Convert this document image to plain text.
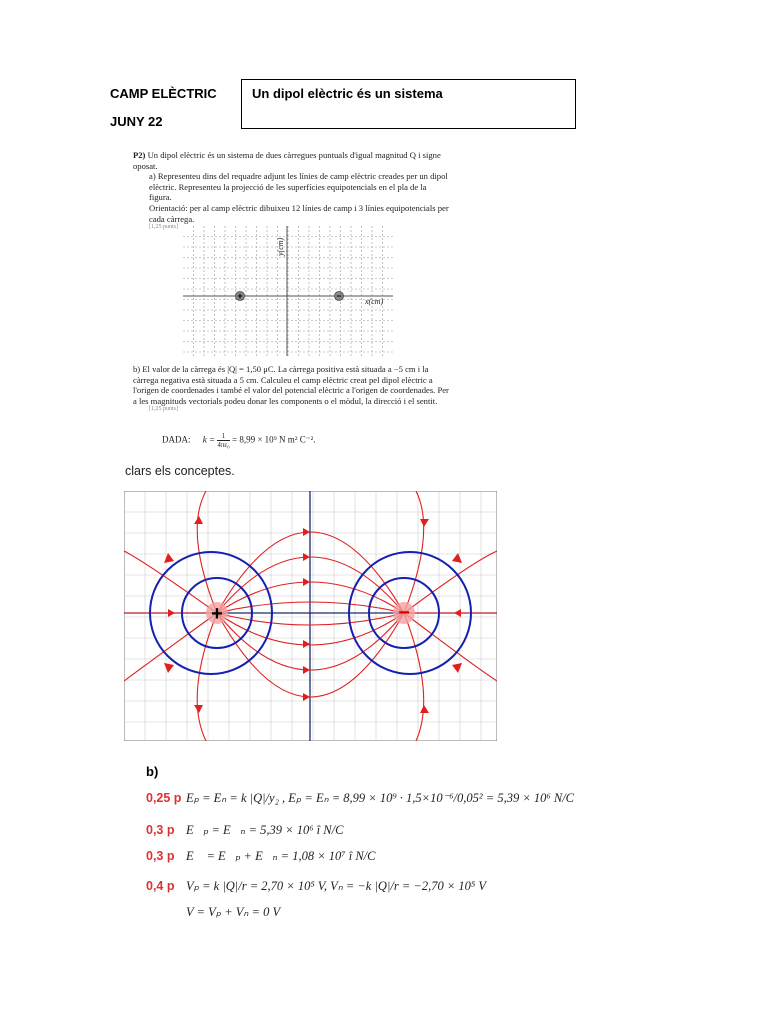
CAMP ELÈCTRIC
JUNY 22
Un dipol elèctric és un sistema

P2) Un dipol elèctric és un sistema de dues càrregues puntuals d'igual magnitud Q i signe oposat.

a) Representeu dins del requadre adjunt les línies de camp elèctric creades per un dipol elèctric. Representeu la projecció de les superfícies equipotencials en el pla de la figura.

Orientació: per al camp elèctric dibuixeu 12 línies de camp i 3 línies equipotencials per cada càrrega.

[1,25 punts]

y(cm)
x(cm)
+	−

b) El valor de la càrrega és |Q| = 1,50 μC. La càrrega positiva està situada a −5 cm i la càrrega negativa està situada a 5 cm. Calculeu el camp elèctric creat pel dipol elèctric a l'origen de coordenades i també el valor del potencial elèctric a l'origen de coordenades. Per a les magnituds vectorials podeu donar les components o el mòdul, la direcció i el sentit.

[1,25 punts]

DADA: $k = \frac{1}{\text{4πε₀}} = 8,99 \times 10^9$ N m² C⁻².
clars els conceptes.
+	−
b)
0,25 p Eₚ = Eₙ = k |Q|/y₂ , Eₚ = Eₙ = 8,99 × 10⁹ · 1,5×10⁻⁶/0,05² = 5,39 × 10⁶ N/C
0,3 p E⃗ₚ = E⃗ₙ = 5,39 × 10⁶ î N/C
0,3 p E⃗ = E⃗ₚ + E⃗ₙ = 1,08 × 10⁷ î N/C
0,4 p Vₚ = k |Q|/r = 2,70 × 10⁵ V, Vₙ = −k |Q|/r = −2,70 × 10⁵ V
V = Vₚ + Vₙ = 0 V
